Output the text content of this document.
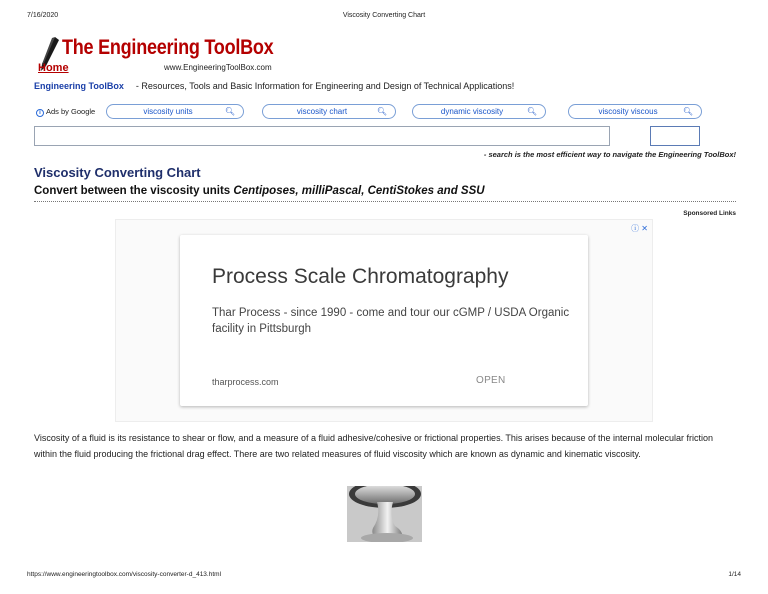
7/16/2020	Viscosity Converting Chart
The Engineering ToolBox
Home	www.EngineeringToolBox.com
Engineering ToolBox - Resources, Tools and Basic Information for Engineering and Design of Technical Applications!
i Ads by Google	viscosity units	🔍︎	viscosity chart	🔍︎	dynamic viscosity	🔍︎	viscosity viscous	🔍︎
- search is the most efficient way to navigate the Engineering ToolBox!
Viscosity Converting Chart
Convert between the viscosity units Centiposes, milliPascal, CentiStokes and SSU
Sponsored Links
ⓘ ✕
Process Scale Chromatography
Thar Process - since 1990 - come and tour our cGMP / USDA Organic facility in Pittsburgh
tharprocess.com	OPEN

Viscosity of a fluid is its resistance to shear or flow, and a measure of a fluid adhesive/cohesive or frictional properties. This arises because of the internal molecular friction within the fluid producing the frictional drag effect. There are two related measures of fluid viscosity which are known as dynamic and kinematic viscosity.

https://www.engineeringtoolbox.com/viscosity-converter-d_413.html	1/14
